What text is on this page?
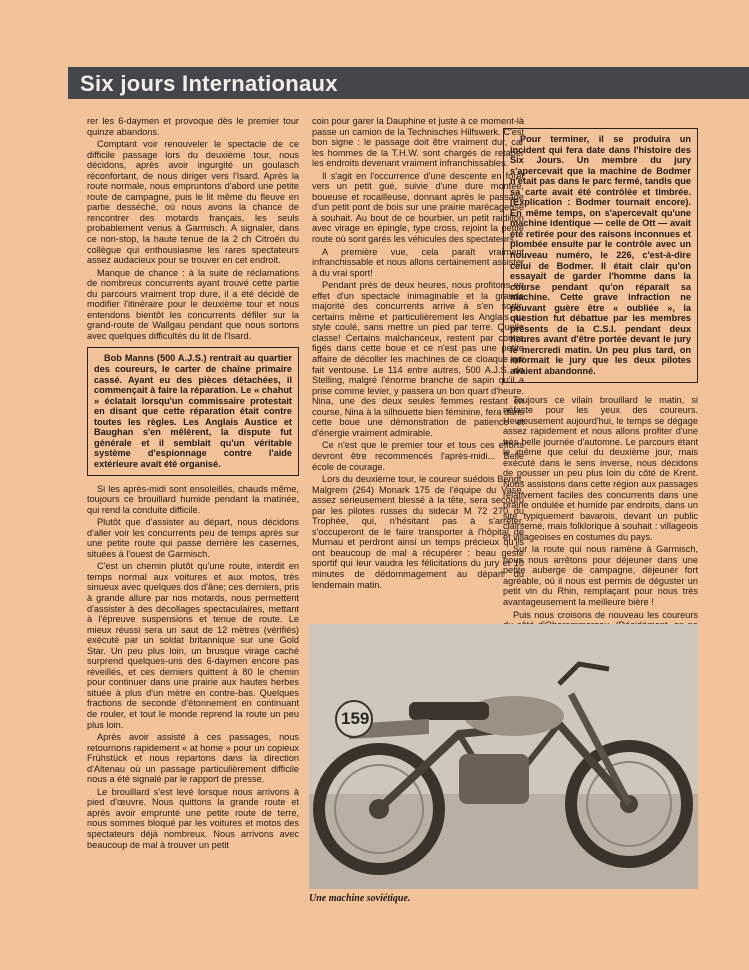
Six jours Internationaux

rer les 6-daymen et provoque dès le premier tour quinze abandons.

Comptant voir renouveler le spectacle de ce difficile passage lors du deuxième tour, nous décidons, après avoir ingurgité un goulasch réconfortant, de nous diriger vers l'Isard. Après la route normale, nous empruntons d'abord une petite route de campagne, puis le lit même du fleuve en partie desséché, où nous avons la chance de rencontrer des motards français, les seuls probablement venus à Garmisch. A signaler, dans ce non-stop, la haute tenue de la 2 ch Citroën du collègue qui enthousiasme les rares spectateurs assez audacieux pour se trouver en cet endroit.

Manque de chance : à la suite de réclamations de nombreux concurrents ayant trouvé cette partie du parcours vraiment trop dure, il a été décidé de modifier l'itinéraire pour le deuxième tour et nous entendons bientôt les concurrents défiler sur la grand-route de Wallgau pendant que nous sortons avec quelques difficultés du lit de l'Isard.

Bob Manns (500 A.J.S.) rentrait au quartier des coureurs, le carter de chaîne primaire cassé. Ayant eu des pièces détachées, il commençait à faire la réparation. Le « chahut » éclatait lorsqu'un commissaire protestait en disant que cette réparation était contre toutes les règles. Les Anglais Austice et Baughan s'en mêlèrent, la dispute fut générale et il semblait qu'un véritable système d'espionnage contre l'aide extérieure avait été organisé.

Si les après-midi sont ensoleillés, chauds même, toujours ce brouillard humide pendant la matinée, qui rend la conduite difficile.

Plutôt que d'assister au départ, nous décidons d'aller voir les concurrents peu de temps après sur une petite route qui passe derrière les casernes, situées à l'ouest de Garmisch.

C'est un chemin plutôt qu'une route, interdit en temps normal aux voitures et aux motos, très sinueux avec quelques dos d'âne; ces derniers, pris à grande allure par nos motards, nous permettent d'assister à des décollages spectaculaires, mettant à l'épreuve suspensions et tenue de route. Le mieux réussi sera un saut de 12 mètres (vérifiés) exécuté par un soldat britannique sur une Gold Star. Un peu plus loin, un brusque virage caché surprend quelques-uns des 6-daymen encore pas réveillés, et ces derniers quittent à 80 le chemin pour continuer dans une prairie aux hautes herbes située à plus d'un mètre en contre-bas. Quelques fractions de seconde d'étonnement en continuant de rouler, et tout le monde reprend la route un peu plus loin.

Après avoir assisté à ces passages, nous retournons rapidement « at home » pour un copieux Frühstück et nous repartons dans la direction d'Altenau où un passage particulièrement difficile nous a été signalé par le rapport de presse.

Le brouillard s'est levé lorsque nous arrivons à pied d'œuvre. Nous quittons la grande route et après avoir emprunté une petite route de terre, nous sommes bloqué par les voitures et motos des spectateurs déjà nombreux. Nous arrivons avec beaucoup de mal à trouver un petit

coin pour garer la Dauphine et juste à ce moment-là passe un camion de la Technisches Hilfswerk. C'est bon signe : le passage doit être vraiment dur, car les hommes de la T.H.W. sont chargés de retaper les endroits devenant vraiment infranchissables.

Il s'agit en l'occurrence d'une descente en forêt vers un petit gué, suivie d'une dure montée, boueuse et rocailleuse, donnant après le passage d'un petit pont de bois sur une prairie marécageuse à souhait. Au bout de ce bourbier, un petit raidillon avec virage en épingle, type cross, rejoint la petite route où sont garés les véhicules des spectateurs.

A première vue, cela paraît vraiment infranchissable et nous allons certainement assister à du vrai sport!

Pendant près de deux heures, nous profitons en effet d'un spectacle inimaginable et la grande majorité des concurrents arrive à s'en sortir, certains même et particulièrement les Anglais au style coulé, sans mettre un pied par terre. Quelle classe! Certains malchanceux, restent par contre figés dans cette boue et ce n'est pas une petite affaire de décoller les machines de ce cloaque qui fait ventouse. Le 114 entre autres, 500 A.J.S. de Stelling, malgré l'énorme branche de sapin qu'il a prise comme levier, y passera un bon quart d'heure. Nina, une des deux seules femmes restant en course, Nina à la silhouette bien féminine, fera dans cette boue une démonstration de patience et d'énergie vraiment admirable.

Ce n'est que le premier tour et tous ces efforts devront être recommencés l'après-midi... Belle école de courage.

Lors du deuxième tour, le coureur suédois Bengt, Malgrem (264) Monark 175 de l'équipe du Vase, assez sérieusement blessé à la tête, sera secouru par les pilotes russes du sidecar M 72 270 du Trophée, qui, n'hésitant pas à s'arrêter, s'occuperont de le faire transporter à l'hôpital de Murnau et perdront ainsi un temps précieux qu'ils ont beaucoup de mal à récupérer : beau geste sportif qui leur vaudra les félicitations du jury et 10 minutes de dédommagement au départ du lendemain matin.

Pour terminer, il se produira un incident qui fera date dans l'histoire des Six Jours. Un membre du jury s'apercevait que la machine de Bodmer n'était pas dans le parc fermé, tandis que sa carte avait été contrôlée et timbrée. (Explication : Bodmer tournait encore). En même temps, on s'apercevait qu'une machine identique — celle de Ott — avait été retirée pour des raisons inconnues et plombée ensuite par le contrôle avec un nouveau numéro, le 226, c'est-à-dire celui de Bodmer. Il était clair qu'on essayait de garder l'homme dans la course pendant qu'on réparait sa machine. Cette grave infraction ne pouvant guère être « oubliée », la question fut débattue par les membres présents de la C.S.I. pendant deux heures avant d'être portée devant le jury le mercredi matin. Un peu plus tard, on informait le jury que les deux pilotes avaient abandonné.

Toujours ce vilain brouillard le matin, si néfaste pour les yeux des coureurs. Heureusement aujourd'hui, le temps se dégage assez rapidement et nous allons profiter d'une très belle journée d'automne. Le parcours étant le même que celui du deuxième jour, mais exécuté dans le sens inverse, nous décidons de pousser un peu plus loin du côté de Krent. Nous assistons dans cette région aux passages relativement faciles des concurrents dans une prairie ondulée et humide par endroits, dans un site typiquement bavarois, devant un public clairsemé, mais folklorique à souhait : villageois et villageoises en costumes du pays.

Sur la route qui nous ramène à Garmisch, nous nous arrêtons pour déjeuner dans une petite auberge de campagne, déjeuner fort agréable, où il nous est permis de déguster un petit vin du Rhin, remplaçant pour nous très avantageusement la meilleure bière !

Puis nous croisons de nouveau les coureurs

159
Une machine soviétique.
